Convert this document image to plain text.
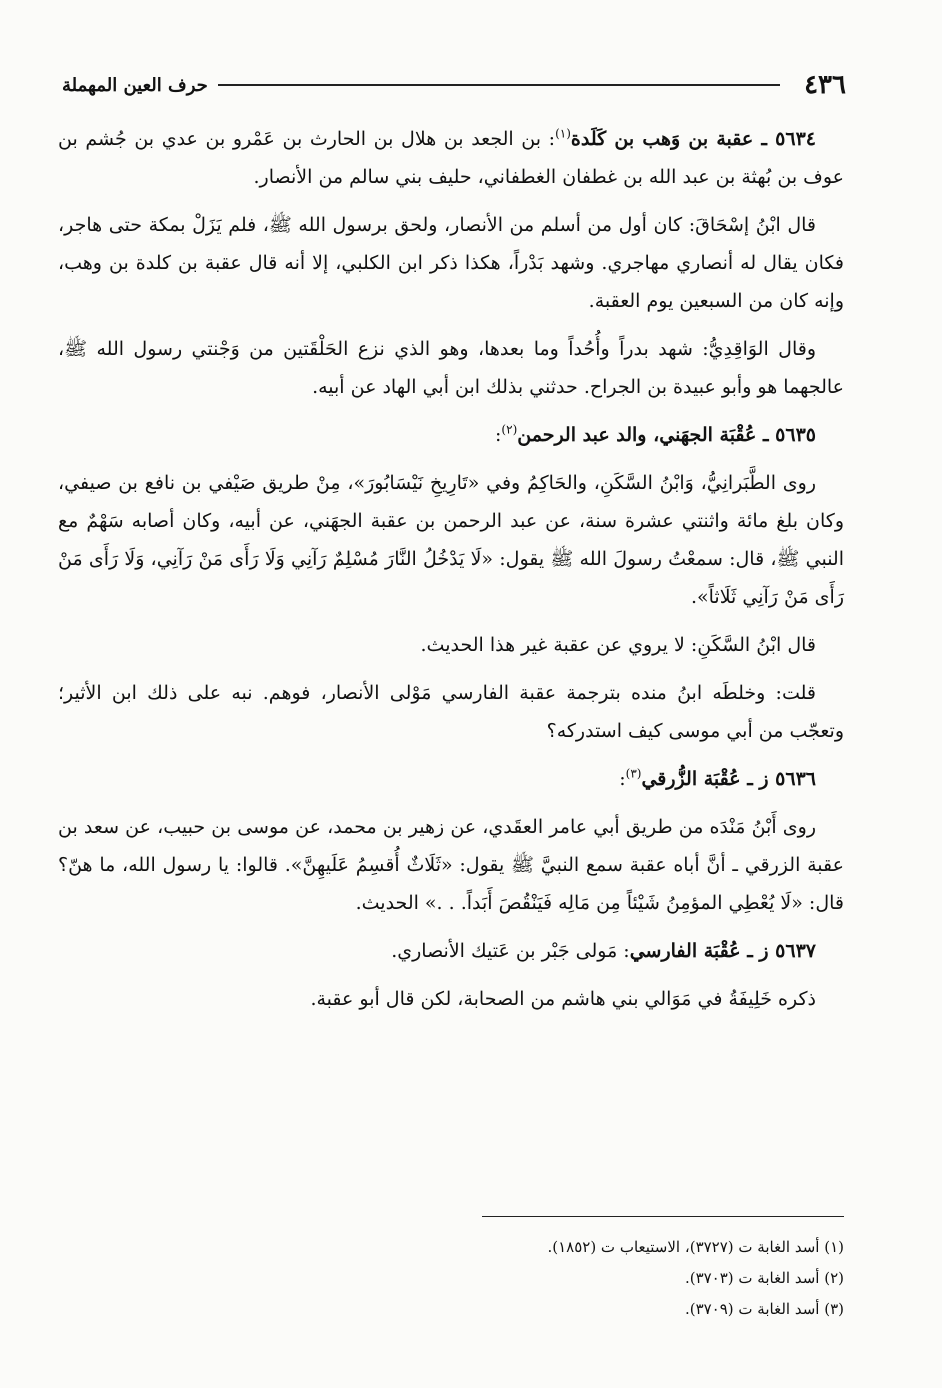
٤٣٦
حرف العين المهملة

٥٦٣٤ ـ عقبة بن وَهب بن كَلَدة$^{(١)}$: بن الجعد بن هلال بن الحارث بن عَمْرو بن عدي بن جُشم بن عوف بن بُهثة بن عبد الله بن غطفان الغطفاني، حليف بني سالم من الأنصار.

قال ابْنُ إسْحَاقَ: كان أول من أسلم من الأنصار، ولحق برسول الله ﷺ، فلم يَزَلْ بمكة حتى هاجر، فكان يقال له أنصاري مهاجري. وشهد بَدْراً، هكذا ذكر ابن الكلبي، إلا أنه قال عقبة بن كلدة بن وهب، وإنه كان من السبعين يوم العقبة.

وقال الوَاقِدِيُّ: شهد بدراً وأُحُداً وما بعدها، وهو الذي نزع الحَلْقَتين من وَجْنتي رسول الله ﷺ، عالجهما هو وأبو عبيدة بن الجراح. حدثني بذلك ابن أبي الهاد عن أبيه.

٥٦٣٥ ـ عُقْبَة الجهَني، والد عبد الرحمن$^{(٢)}$:

روى الطَّبَرانِيُّ، وَابْنُ السَّكَنِ، والحَاكِمُ وفي «تَارِيخِ نَيْسَابُورَ»، مِنْ طريق صَيْفي بن نافع بن صيفي، وكان بلغ مائة واثنتي عشرة سنة، عن عبد الرحمن بن عقبة الجهَني، عن أبيه، وكان أصابه سَهْمٌ مع النبي ﷺ، قال: سمعْتُ رسولَ الله ﷺ يقول: «لَا يَدْخُلُ النَّارَ مُسْلِمٌ رَآنِي وَلَا رَأَى مَنْ رَآنِي، وَلَا رَأَى مَنْ رَأَى مَنْ رَآنِي ثَلَاثاً».

قال ابْنُ السَّكَنِ: لا يروي عن عقبة غير هذا الحديث.

قلت: وخلطَه ابنُ منده بترجمة عقبة الفارسي مَوْلى الأنصار، فوهم. نبه على ذلك ابن الأثير؛ وتعجّب من أبي موسى كيف استدركه؟

٥٦٣٦ ز ـ عُقْبَة الزُّرقي$^{(٣)}$:

روى أَبْنُ مَنْدَه من طريق أبي عامر العقَدي، عن زهير بن محمد، عن موسى بن حبيب، عن سعد بن عقبة الزرقي ـ أنَّ أباه عقبة سمع النبيَّ ﷺ يقول: «ثَلَاثٌ أُقسِمُ عَلَيهِنَّ». قالوا: يا رسول الله، ما هنّ؟ قال: «لَا يُعْطِي المؤمِنُ شَيْئاً مِن مَالِه فَيَنْقُصَ أَبَداً. . .» الحديث.

٥٦٣٧ ز ـ عُقْبَة الفارسي: مَولى جَبْر بن عَتيك الأنصاري.

ذكره خَلِيفَةُ في مَوَالي بني هاشم من الصحابة، لكن قال أبو عقبة.

(١) أسد الغابة ت (٣٧٢٧)، الاستيعاب ت (١٨٥٢).

(٢) أسد الغابة ت (٣٧٠٣).

(٣) أسد الغابة ت (٣٧٠٩).
